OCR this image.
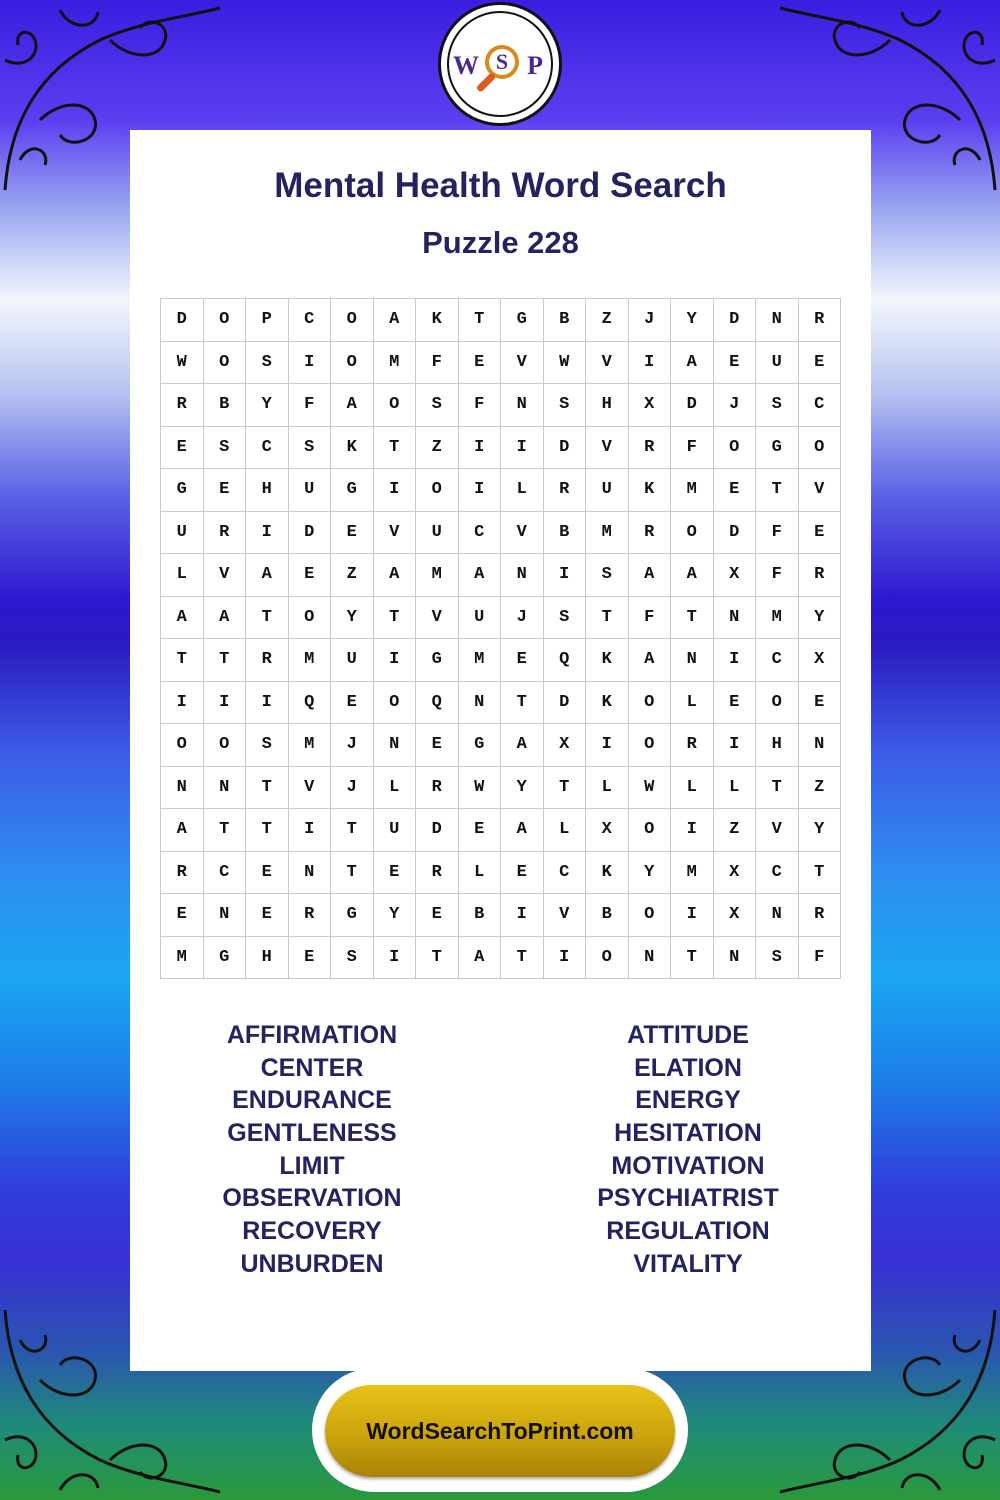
W S P
Mental Health Word Search
Puzzle 228
D	O	P	C	O	A	K	T	G	B	Z	J	Y	D	N	R
W	O	S	I	O	M	F	E	V	W	V	I	A	E	U	E
R	B	Y	F	A	O	S	F	N	S	H	X	D	J	S	C
E	S	C	S	K	T	Z	I	I	D	V	R	F	O	G	O
G	E	H	U	G	I	O	I	L	R	U	K	M	E	T	V
U	R	I	D	E	V	U	C	V	B	M	R	O	D	F	E
L	V	A	E	Z	A	M	A	N	I	S	A	A	X	F	R
A	A	T	O	Y	T	V	U	J	S	T	F	T	N	M	Y
T	T	R	M	U	I	G	M	E	Q	K	A	N	I	C	X
I	I	I	Q	E	O	Q	N	T	D	K	O	L	E	O	E
O	O	S	M	J	N	E	G	A	X	I	O	R	I	H	N
N	N	T	V	J	L	R	W	Y	T	L	W	L	L	T	Z
A	T	T	I	T	U	D	E	A	L	X	O	I	Z	V	Y
R	C	E	N	T	E	R	L	E	C	K	Y	M	X	C	T
E	N	E	R	G	Y	E	B	I	V	B	O	I	X	N	R
M	G	H	E	S	I	T	A	T	I	O	N	T	N	S	F
AFFIRMATION
CENTER
ENDURANCE
GENTLENESS
LIMIT
OBSERVATION
RECOVERY
UNBURDEN
ATTITUDE
ELATION
ENERGY
HESITATION
MOTIVATION
PSYCHIATRIST
REGULATION
VITALITY
WordSearchToPrint.com
